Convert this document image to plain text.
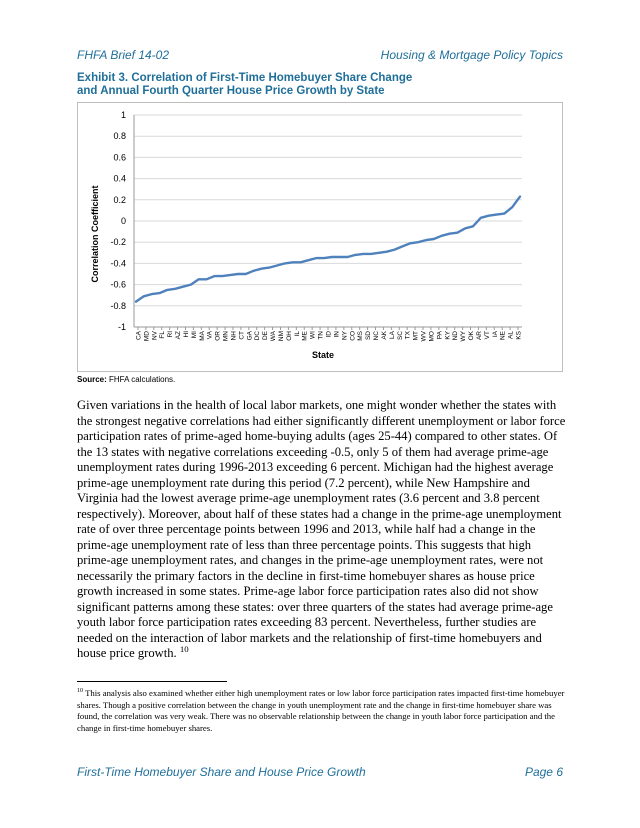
FHFA Brief 14-02	Housing & Mortgage Policy Topics
Exhibit 3. Correlation of First-Time Homebuyer Share Change
and Annual Fourth Quarter House Price Growth by State
1
0.8
0.6
0.4
0.2
0
-0.2
-0.4
-0.6
-0.8
-1
CA MD NV FL RI AZ HI MI MA VA OR MN NH CT GA DC DE WA NM OH IL ME WI TN ID IN NY CO MS SD NC AK LA SC TX MT WV MO PA KY ND WY OK AR VT IA NE AL KS
Correlation Coefficient
State
Source: FHFA calculations.

Given variations in the health of local labor markets, one might wonder whether the states with the strongest negative correlations had either significantly different unemployment or labor force participation rates of prime-aged home-buying adults (ages 25-44) compared to other states. Of the 13 states with negative correlations exceeding -0.5, only 5 of them had average prime-age unemployment rates during 1996-2013 exceeding 6 percent. Michigan had the highest average prime-age unemployment rate during this period (7.2 percent), while New Hampshire and Virginia had the lowest average prime-age unemployment rates (3.6 percent and 3.8 percent respectively). Moreover, about half of these states had a change in the prime-age unemployment rate of over three percentage points between 1996 and 2013, while half had a change in the prime-age unemployment rate of less than three percentage points. This suggests that high prime-age unemployment rates, and changes in the prime-age unemployment rates, were not necessarily the primary factors in the decline in first-time homebuyer shares as house price growth increased in some states. Prime-age labor force participation rates also did not show significant patterns among these states: over three quarters of the states had average prime-age youth labor force participation rates exceeding 83 percent. Nevertheless, further studies are needed on the interaction of labor markets and the relationship of first-time homebuyers and house price growth. $^{10}$

$^{10}$ This analysis also examined whether either high unemployment rates or low labor force participation rates impacted first-time homebuyer shares. Though a positive correlation between the change in youth unemployment rate and the change in first-time homebuyer share was found, the correlation was very weak. There was no observable relationship between the change in youth labor force participation and the change in first-time homebuyer shares.

First-Time Homebuyer Share and House Price Growth	Page 6
